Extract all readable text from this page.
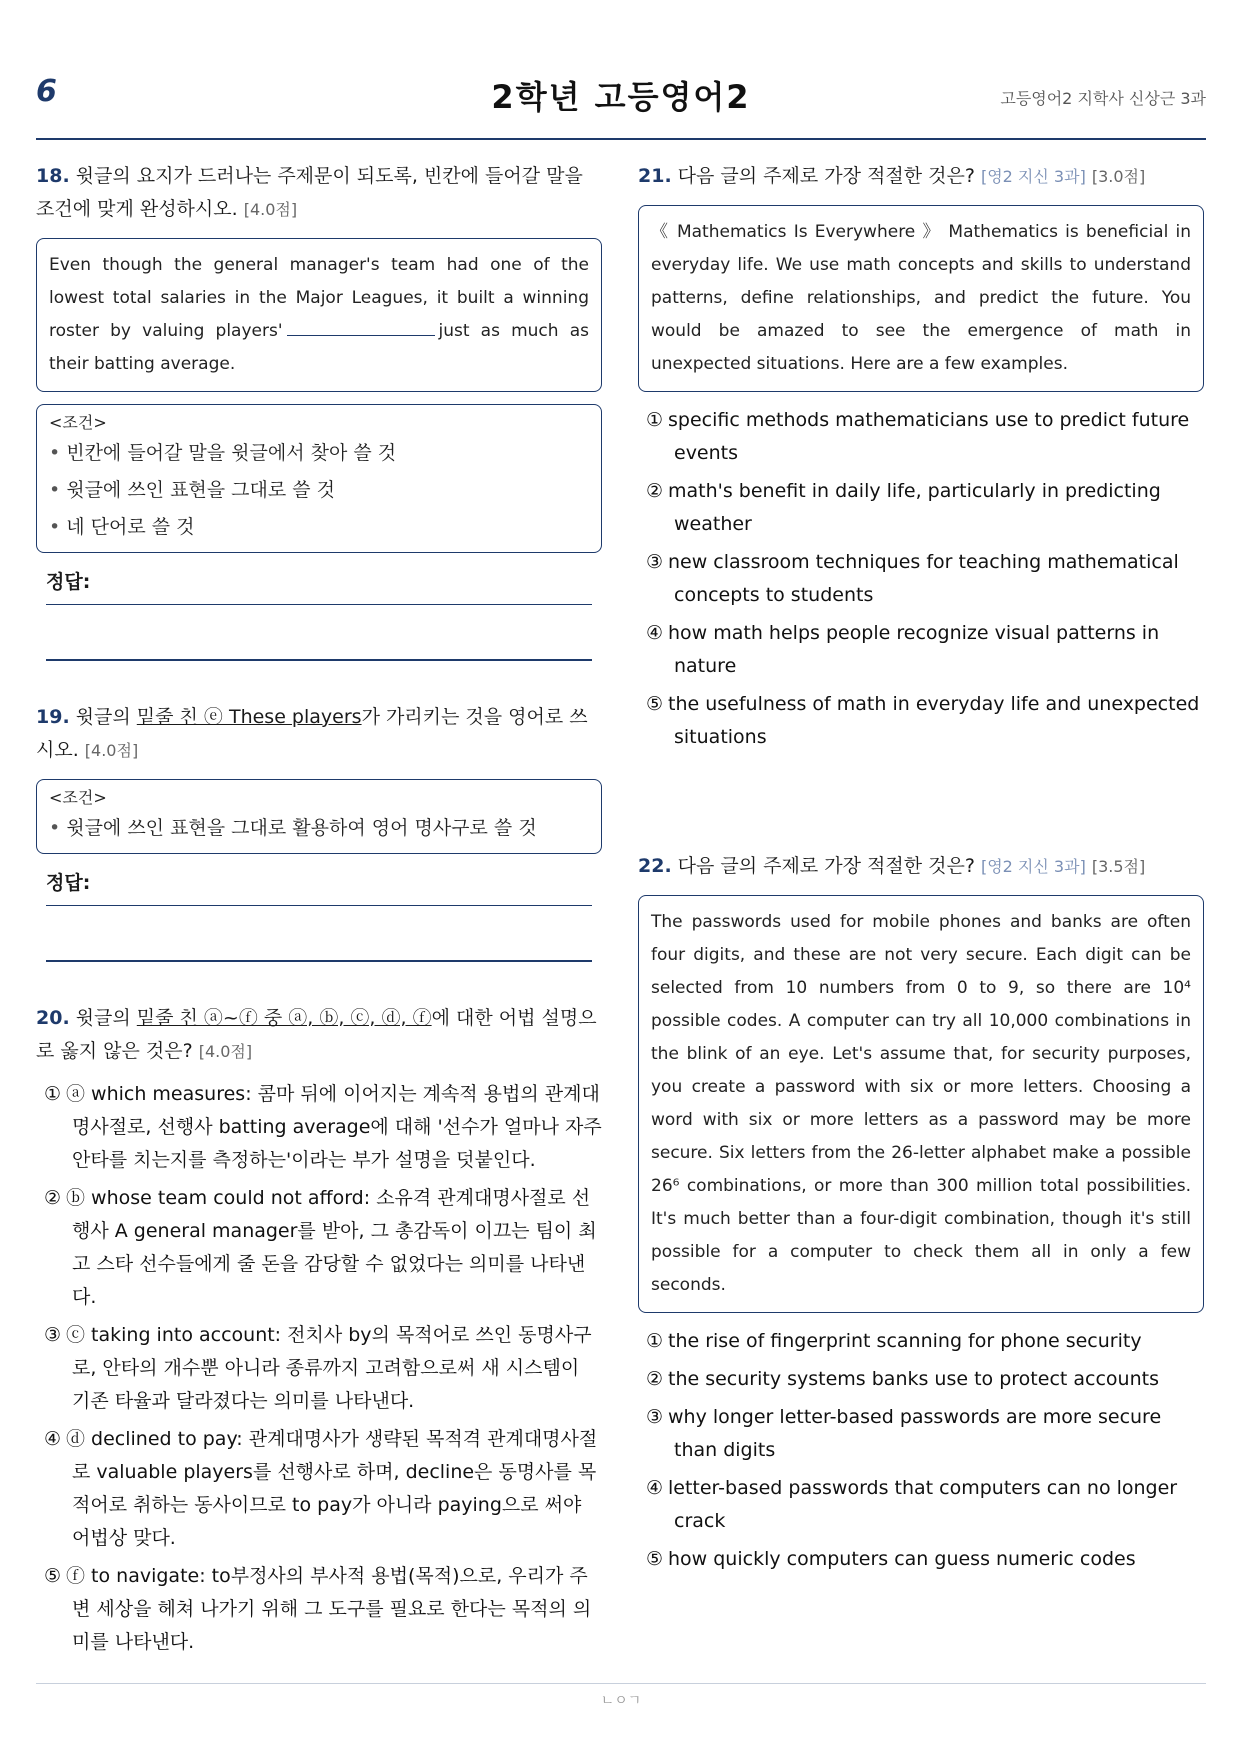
6	2학년 고등영어2	고등영어2 지학사 신상근 3과

18. 윗글의 요지가 드러나는 주제문이 되도록, 빈칸에 들어갈 말을 조건에 맞게 완성하시오. [4.0점]

Even though the general manager's team had one of the lowest total salaries in the Major Leagues, it built a winning roster by valuing players'	just as much as their batting average.
<조건>
• 빈칸에 들어갈 말을 윗글에서 찾아 쓸 것
• 윗글에 쓰인 표현을 그대로 쓸 것
• 네 단어로 쓸 것
정답:

19. 윗글의 밑줄 친 ⓔ These players가 가리키는 것을 영어로 쓰시오. [4.0점]

<조건>
• 윗글에 쓰인 표현을 그대로 활용하여 영어 명사구로 쓸 것
정답:

20. 윗글의 밑줄 친 ⓐ~ⓕ 중 ⓐ, ⓑ, ⓒ, ⓓ, ⓕ에 대한 어법 설명으로 옳지 않은 것은? [4.0점]

① ⓐ which measures: 콤마 뒤에 이어지는 계속적 용법의 관계대명사절로, 선행사 batting average에 대해 '선수가 얼마나 자주 안타를 치는지를 측정하는'이라는 부가 설명을 덧붙인다.

② ⓑ whose team could not afford: 소유격 관계대명사절로 선행사 A general manager를 받아, 그 총감독이 이끄는 팀이 최고 스타 선수들에게 줄 돈을 감당할 수 없었다는 의미를 나타낸다.

③ ⓒ taking into account: 전치사 by의 목적어로 쓰인 동명사구로, 안타의 개수뿐 아니라 종류까지 고려함으로써 새 시스템이 기존 타율과 달라졌다는 의미를 나타낸다.

④ ⓓ declined to pay: 관계대명사가 생략된 목적격 관계대명사절로 valuable players를 선행사로 하며, decline은 동명사를 목적어로 취하는 동사이므로 to pay가 아니라 paying으로 써야 어법상 맞다.

⑤ ⓕ to navigate: to부정사의 부사적 용법(목적)으로, 우리가 주변 세상을 헤쳐 나가기 위해 그 도구를 필요로 한다는 목적의 의미를 나타낸다.

21. 다음 글의 주제로 가장 적절한 것은? [영2 지신 3과] [3.0점]

《 Mathematics Is Everywhere 》 Mathematics is beneficial in everyday life. We use math concepts and skills to understand patterns, define relationships, and predict the future. You would be amazed to see the emergence of math in unexpected situations. Here are a few examples.

① specific methods mathematicians use to predict future events

② math's benefit in daily life, particularly in predicting weather

③ new classroom techniques for teaching mathematical concepts to students

④ how math helps people recognize visual patterns in nature

⑤ the usefulness of math in everyday life and unexpected situations

22. 다음 글의 주제로 가장 적절한 것은? [영2 지신 3과] [3.5점]

The passwords used for mobile phones and banks are often four digits, and these are not very secure. Each digit can be selected from 10 numbers from 0 to 9, so there are 10⁴ possible codes. A computer can try all 10,000 combinations in the blink of an eye. Let's assume that, for security purposes, you create a password with six or more letters. Choosing a word with six or more letters as a password may be more secure. Six letters from the 26-letter alphabet make a possible 26⁶ combinations, or more than 300 million total possibilities. It's much better than a four-digit combination, though it's still possible for a computer to check them all in only a few seconds.

① the rise of fingerprint scanning for phone security

② the security systems banks use to protect accounts

③ why longer letter-based passwords are more secure than digits

④ letter-based passwords that computers can no longer crack

⑤ how quickly computers can guess numeric codes

ㄴㅇㄱ
